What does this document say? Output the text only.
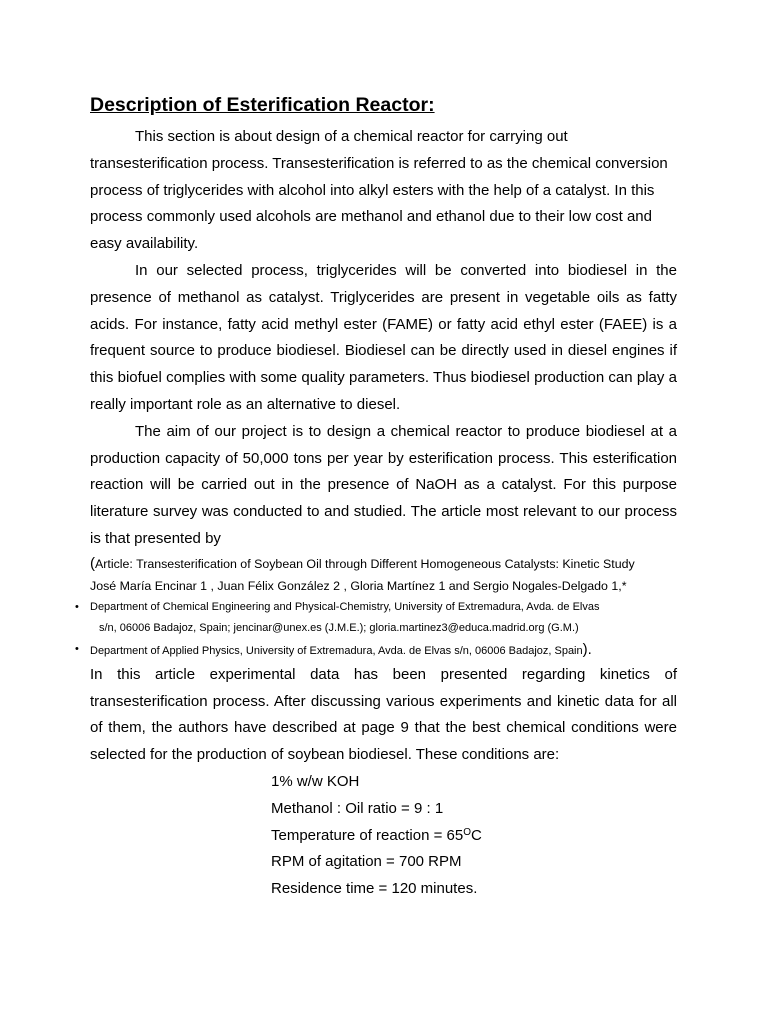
Description of Esterification Reactor:

This section is about design of a chemical reactor for carrying out transesterification process. Transesterification is referred to as the chemical conversion process of triglycerides with alcohol into alkyl esters with the help of a catalyst. In this process commonly used alcohols are methanol and ethanol due to their low cost and easy availability.

In our selected process, triglycerides will be converted into biodiesel in the presence of methanol as catalyst. Triglycerides are present in vegetable oils as fatty acids. For instance, fatty acid methyl ester (FAME) or fatty acid ethyl ester (FAEE) is a frequent source to produce biodiesel. Biodiesel can be directly used in diesel engines if this biofuel complies with some quality parameters. Thus biodiesel production can play a really important role as an alternative to diesel.

The aim of our project is to design a chemical reactor to produce biodiesel at a production capacity of 50,000 tons per year by esterification process. This esterification reaction will be carried out in the presence of NaOH as a catalyst. For this purpose literature survey was conducted to and studied. The article most relevant to our process is that presented by

(Article: Transesterification of Soybean Oil through Different Homogeneous Catalysts: Kinetic Study

José María Encinar 1 , Juan Félix González 2 , Gloria Martínez 1 and Sergio Nogales-Delgado 1,*

• Department of Chemical Engineering and Physical-Chemistry, University of Extremadura, Avda. de Elvas
s/n, 06006 Badajoz, Spain; jencinar@unex.es (J.M.E.); gloria.martinez3@educa.madrid.org (G.M.)
• Department of Applied Physics, University of Extremadura, Avda. de Elvas s/n, 06006 Badajoz, Spain).

In this article experimental data has been presented regarding kinetics of transesterification process. After discussing various experiments and kinetic data for all of them, the authors have described at page 9 that the best chemical conditions were selected for the production of soybean biodiesel. These conditions are:

1% w/w KOH

Methanol : Oil ratio = 9 : 1

Temperature of reaction = $65^OC$

RPM of agitation = 700 RPM

Residence time = 120 minutes.
